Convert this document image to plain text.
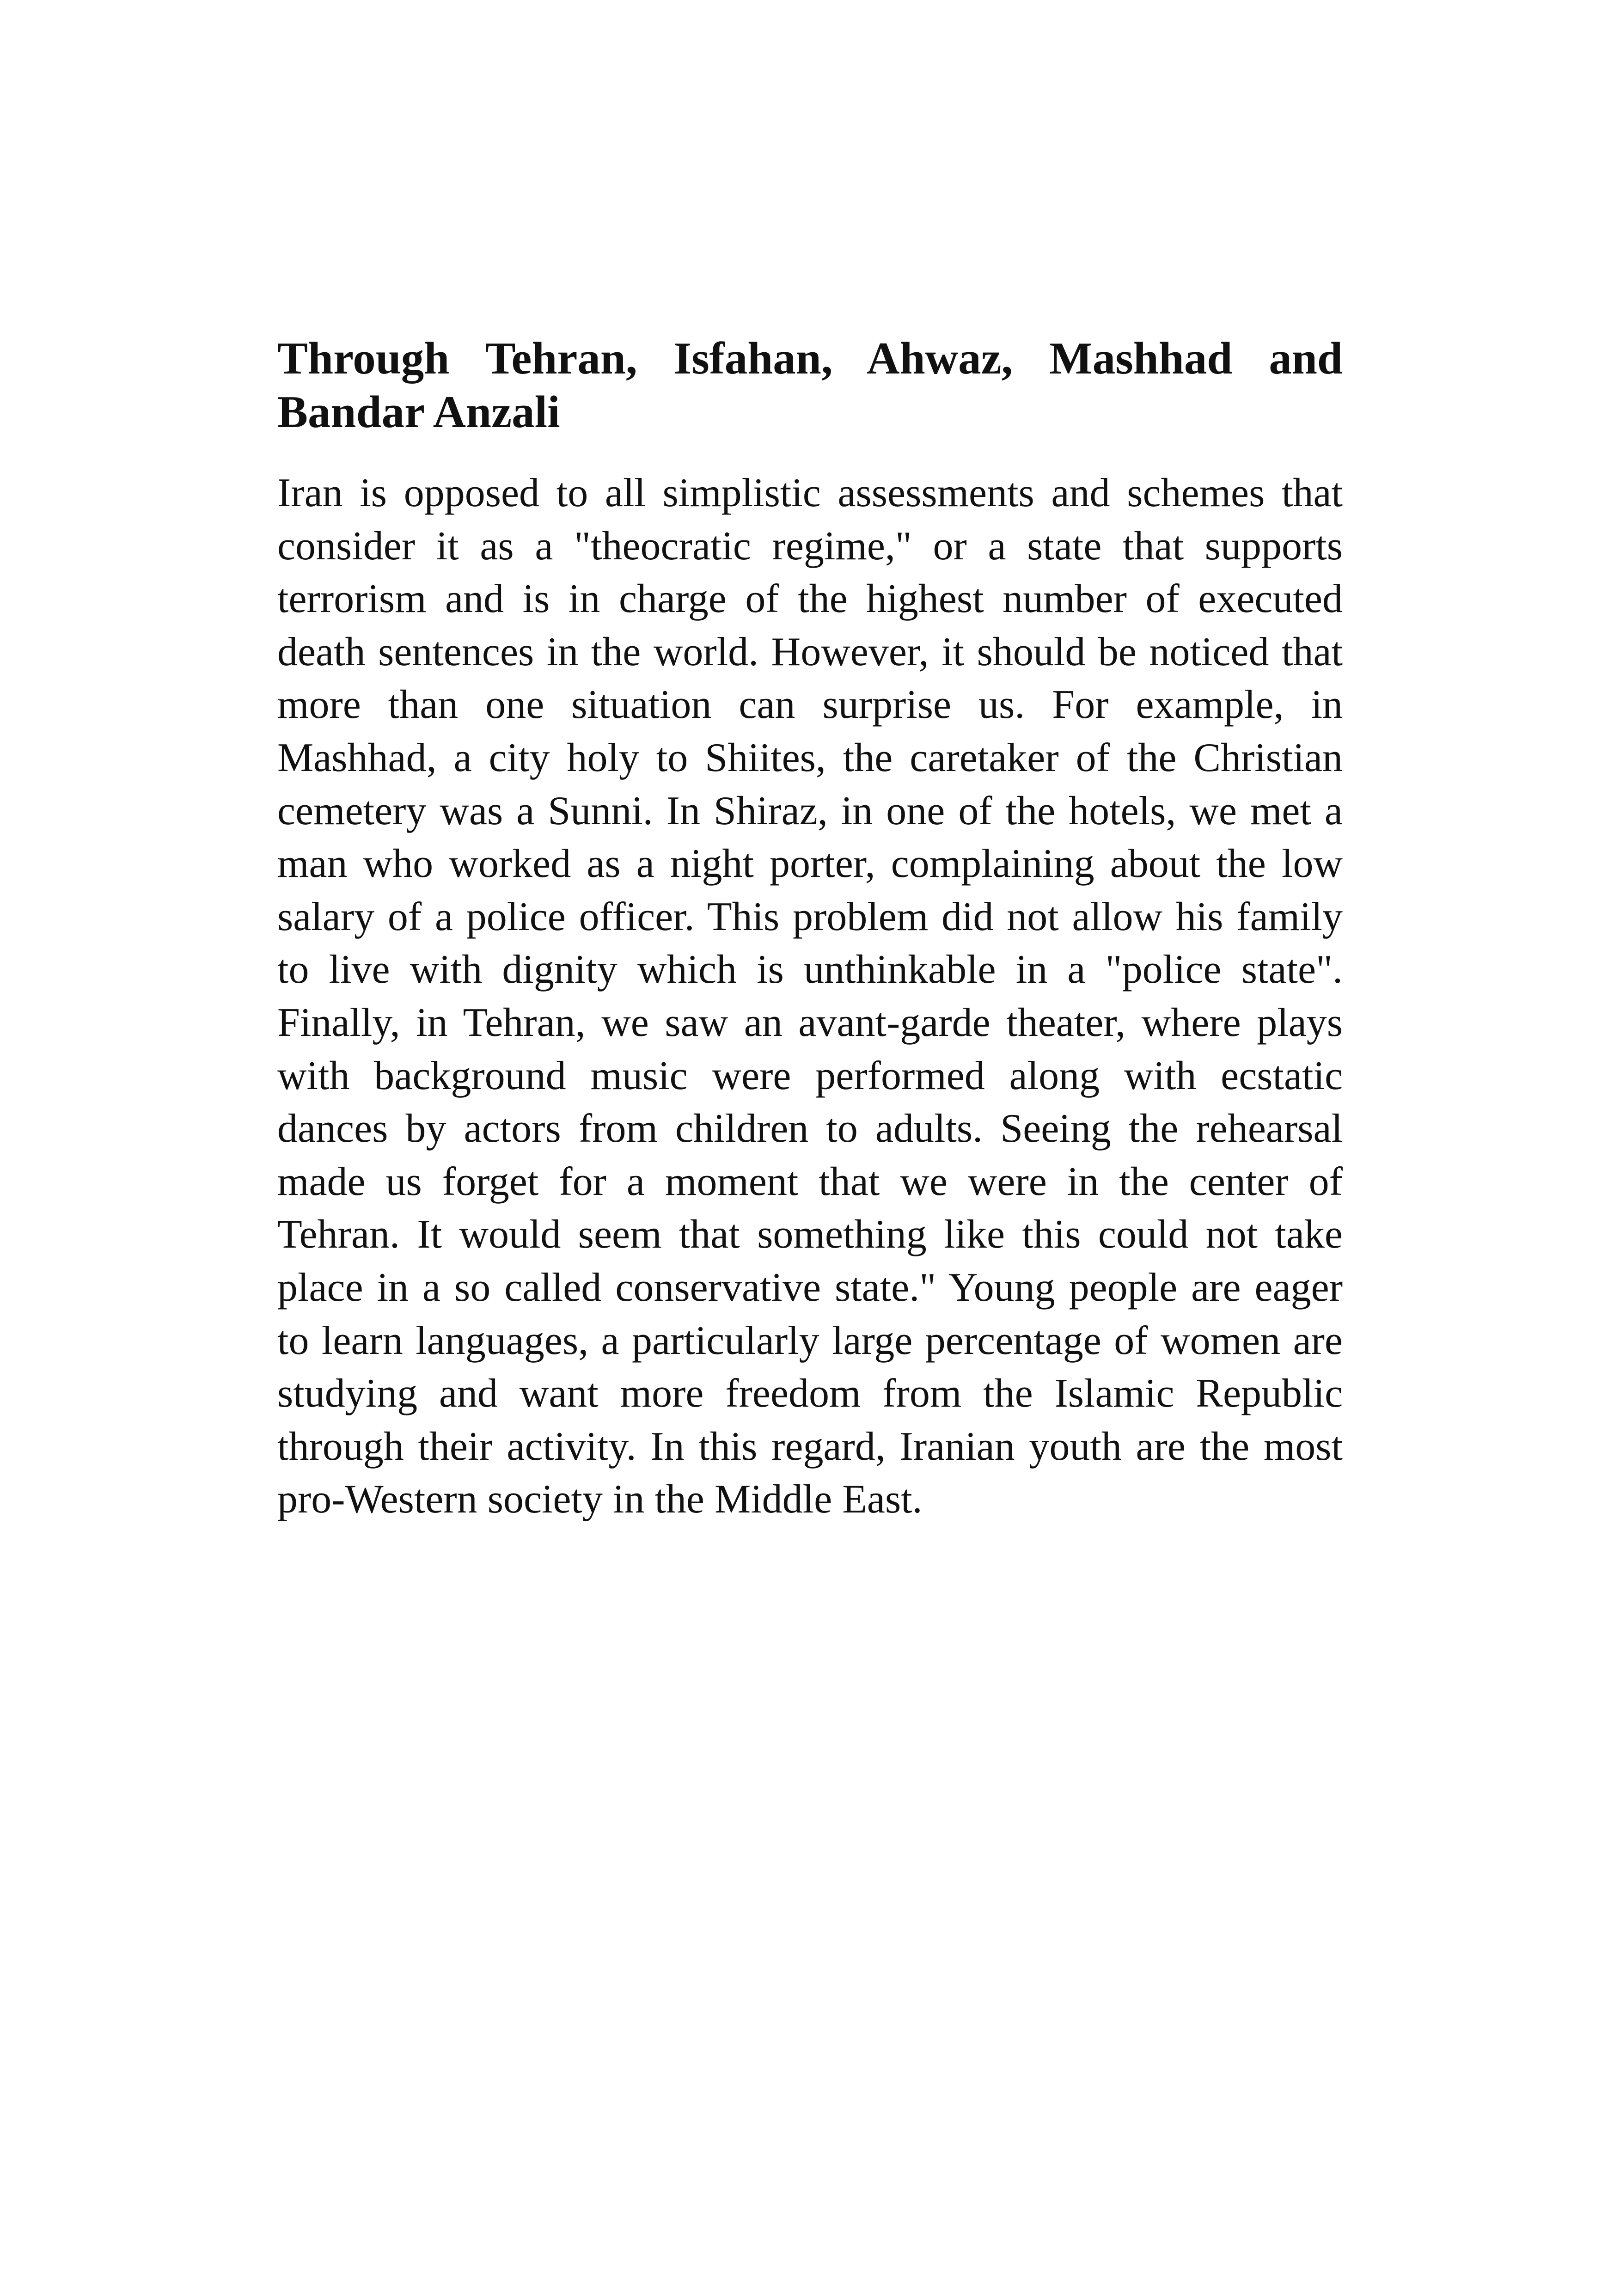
Through Tehran, Isfahan, Ahwaz, Mashhad and Bandar Anzali

Iran is opposed to all simplistic assessments and schemes that consider it as a "theocratic regime," or a state that supports terrorism and is in charge of the highest number of executed death sentences in the world. However, it should be noticed that more than one situation can surprise us. For example, in Mashhad, a city holy to Shiites, the caretaker of the Christian cemetery was a Sunni. In Shiraz, in one of the hotels, we met a man who worked as a night porter, complaining about the low salary of a police officer. This problem did not allow his family to live with dignity which is unthinkable in a "police state". Finally, in Tehran, we saw an avant-garde theater, where plays with background music were performed along with ecstatic dances by actors from children to adults. Seeing the rehearsal made us forget for a moment that we were in the center of Tehran. It would seem that something like this could not take place in a so called conservative state." Young people are eager to learn languages, a particularly large percentage of women are studying and want more freedom from the Islamic Republic through their activity. In this regard, Iranian youth are the most pro-Western society in the Middle East.
